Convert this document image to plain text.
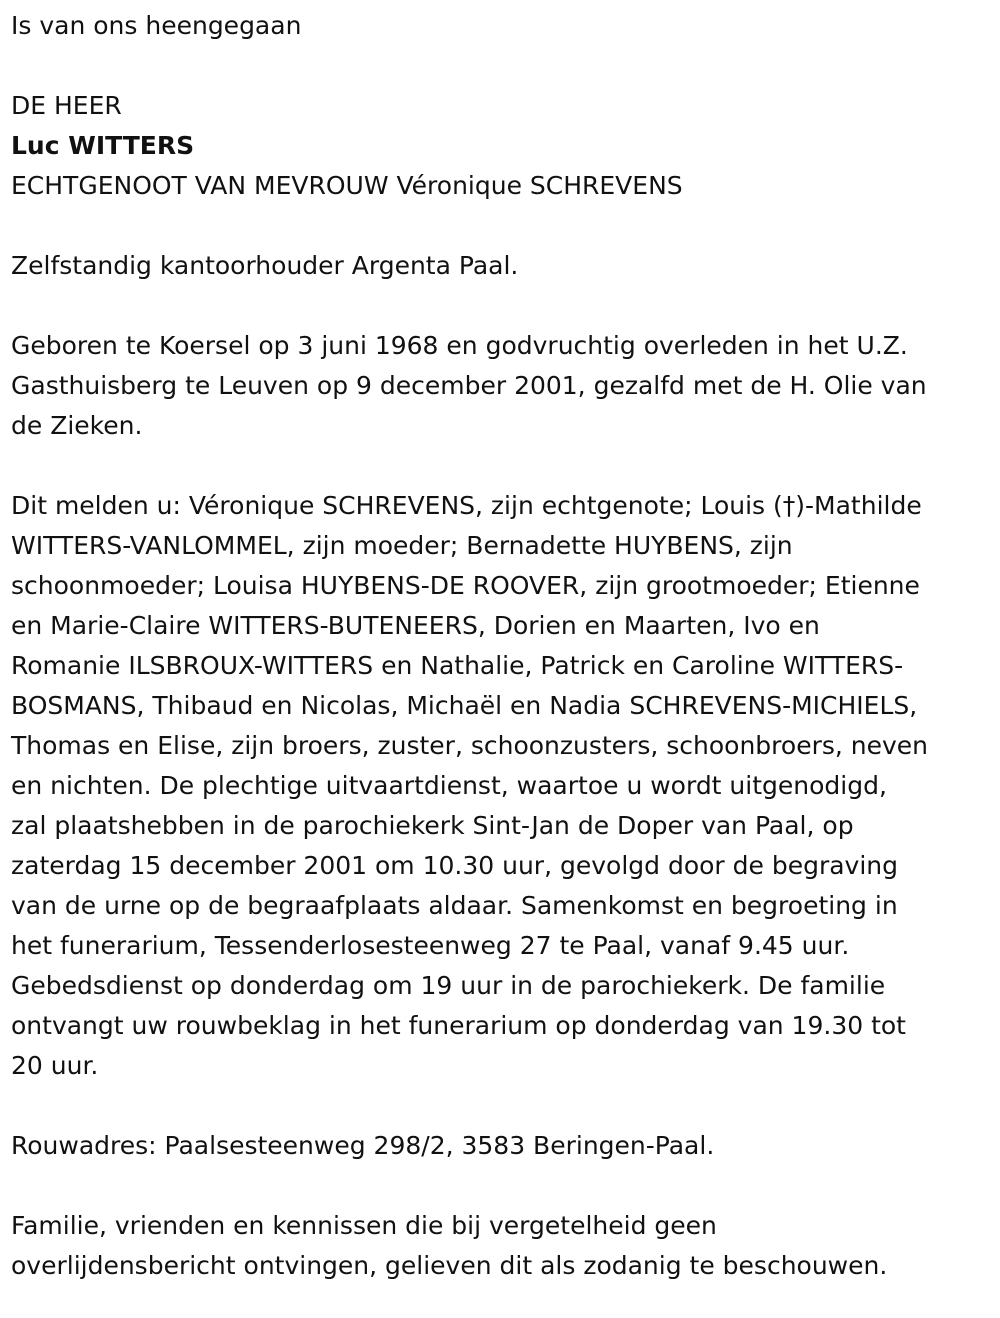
Is van ons heengegaan

DE HEER

Luc WITTERS

ECHTGENOOT VAN MEVROUW Véronique SCHREVENS

Zelfstandig kantoorhouder Argenta Paal.

Geboren te Koersel op 3 juni 1968 en godvruchtig overleden in het U.Z.

Gasthuisberg te Leuven op 9 december 2001, gezalfd met de H. Olie van

de Zieken.

Dit melden u: Véronique SCHREVENS, zijn echtgenote; Louis (†)-Mathilde

WITTERS-VANLOMMEL, zijn moeder; Bernadette HUYBENS, zijn

schoonmoeder; Louisa HUYBENS-DE ROOVER, zijn grootmoeder; Etienne

en Marie-Claire WITTERS-BUTENEERS, Dorien en Maarten, Ivo en

Romanie ILSBROUX-WITTERS en Nathalie, Patrick en Caroline WITTERS-

BOSMANS, Thibaud en Nicolas, Michaël en Nadia SCHREVENS-MICHIELS,

Thomas en Elise, zijn broers, zuster, schoonzusters, schoonbroers, neven

en nichten. De plechtige uitvaartdienst, waartoe u wordt uitgenodigd,

zal plaatshebben in de parochiekerk Sint-Jan de Doper van Paal, op

zaterdag 15 december 2001 om 10.30 uur, gevolgd door de begraving

van de urne op de begraafplaats aldaar. Samenkomst en begroeting in

het funerarium, Tessenderlosesteenweg 27 te Paal, vanaf 9.45 uur.

Gebedsdienst op donderdag om 19 uur in de parochiekerk. De familie

ontvangt uw rouwbeklag in het funerarium op donderdag van 19.30 tot

20 uur.

Rouwadres: Paalsesteenweg 298/2, 3583 Beringen-Paal.

Familie, vrienden en kennissen die bij vergetelheid geen

overlijdensbericht ontvingen, gelieven dit als zodanig te beschouwen.
